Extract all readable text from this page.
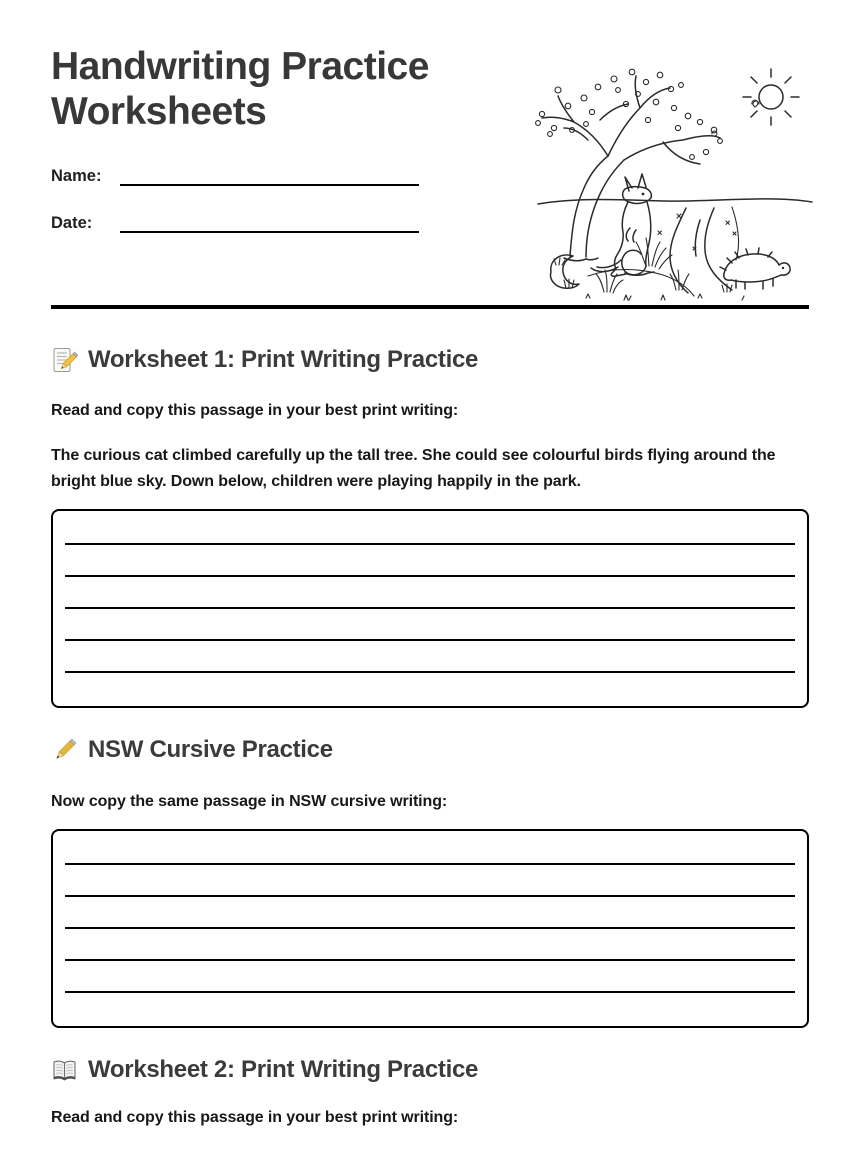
Handwriting Practice Worksheets
Name:
Date:
Worksheet 1: Print Writing Practice

Read and copy this passage in your best print writing:

The curious cat climbed carefully up the tall tree. She could see colourful birds flying around the bright blue sky. Down below, children were playing happily in the park.

NSW Cursive Practice

Now copy the same passage in NSW cursive writing:

Worksheet 2: Print Writing Practice

Read and copy this passage in your best print writing:
